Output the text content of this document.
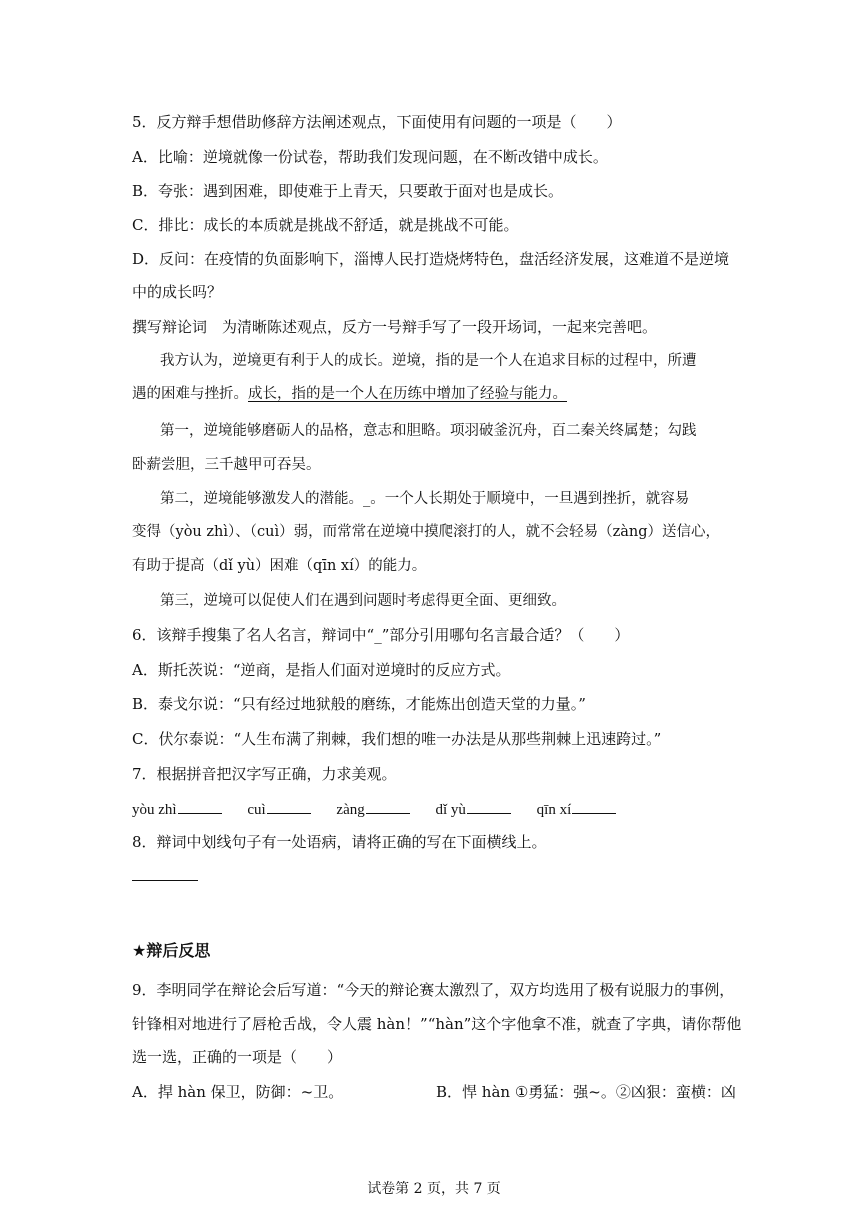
5．反方辩手想借助修辞方法阐述观点，下面使用有问题的一项是（　　）
A．比喻：逆境就像一份试卷，帮助我们发现问题，在不断改错中成长。
B．夸张：遇到困难，即使难于上青天，只要敢于面对也是成长。
C．排比：成长的本质就是挑战不舒适，就是挑战不可能。
D．反问：在疫情的负面影响下，淄博人民打造烧烤特色，盘活经济发展，这难道不是逆境
中的成长吗？
撰写辩论词　为清晰陈述观点，反方一号辩手写了一段开场词，一起来完善吧。
我方认为，逆境更有利于人的成长。逆境，指的是一个人在追求目标的过程中，所遭
遇的困难与挫折。成长，指的是一个人在历练中增加了经验与能力。
第一，逆境能够磨砺人的品格，意志和胆略。项羽破釜沉舟，百二秦关终属楚；勾践
卧薪尝胆，三千越甲可吞吴。
第二，逆境能够激发人的潜能。_。一个人长期处于顺境中，一旦遇到挫折，就容易
变得（yòu zhì）、（cuì）弱，而常常在逆境中摸爬滚打的人，就不会轻易（zàng）送信心，
有助于提高（dǐ yù）困难（qīn xí）的能力。
第三，逆境可以促使人们在遇到问题时考虑得更全面、更细致。
6．该辩手搜集了名人名言，辩词中“_”部分引用哪句名言最合适？（　　）
A．斯托茨说：“逆商，是指人们面对逆境时的反应方式。
B．泰戈尔说：“只有经过地狱般的磨练，才能炼出创造天堂的力量。”
C．伏尔泰说：“人生布满了荆棘，我们想的唯一办法是从那些荆棘上迅速跨过。”
7．根据拼音把汉字写正确，力求美观。
yòu zhì	cuì	zàng	dǐ yù	qīn xí
8．辩词中划线句子有一处语病，请将正确的写在下面横线上。
★辩后反思
9．李明同学在辩论会后写道：“今天的辩论赛太激烈了，双方均选用了极有说服力的事例，
针锋相对地进行了唇枪舌战，令人震 hàn！”“hàn”这个字他拿不准，就查了字典，请你帮他
选一选，正确的一项是（　　）
A．捍 hàn 保卫，防御：~卫。	B．悍 hàn ①勇猛：强~。②凶狠：蛮横：凶
试卷第 2 页，共 7 页
